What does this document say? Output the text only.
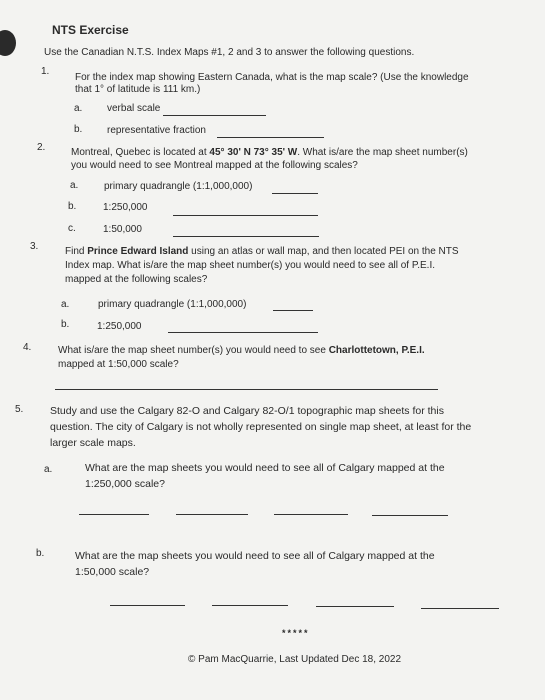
NTS Exercise
Use the Canadian N.T.S. Index Maps #1, 2 and 3 to answer the following questions.
1.
For the index map showing Eastern Canada, what is the map scale? (Use the knowledge
that 1° of latitude is 111 km.)
a. verbal scale
b. representative fraction
2.	Montreal, Quebec is located at 45° 30' N 73° 35' W. What is/are the map sheet number(s)
you would need to see Montreal mapped at the following scales?
a.	primary quadrangle (1:1,000,000)
b.	1:250,000
c.	1:50,000
3.	Find Prince Edward Island using an atlas or wall map, and then located PEI on the NTS
Index map. What is/are the map sheet number(s) you would need to see all of P.E.I.
mapped at the following scales?
a.	primary quadrangle (1:1,000,000)
b.	1:250,000
4.	What is/are the map sheet number(s) you would need to see Charlottetown, P.E.I.
mapped at 1:50,000 scale?
5.	Study and use the Calgary 82-O and Calgary 82-O/1 topographic map sheets for this
question. The city of Calgary is not wholly represented on single map sheet, at least for the
larger scale maps.
a.	What are the map sheets you would need to see all of Calgary mapped at the
1:250,000 scale?
b.	What are the map sheets you would need to see all of Calgary mapped at the
1:50,000 scale?
*****
© Pam MacQuarrie, Last Updated Dec 18, 2022
